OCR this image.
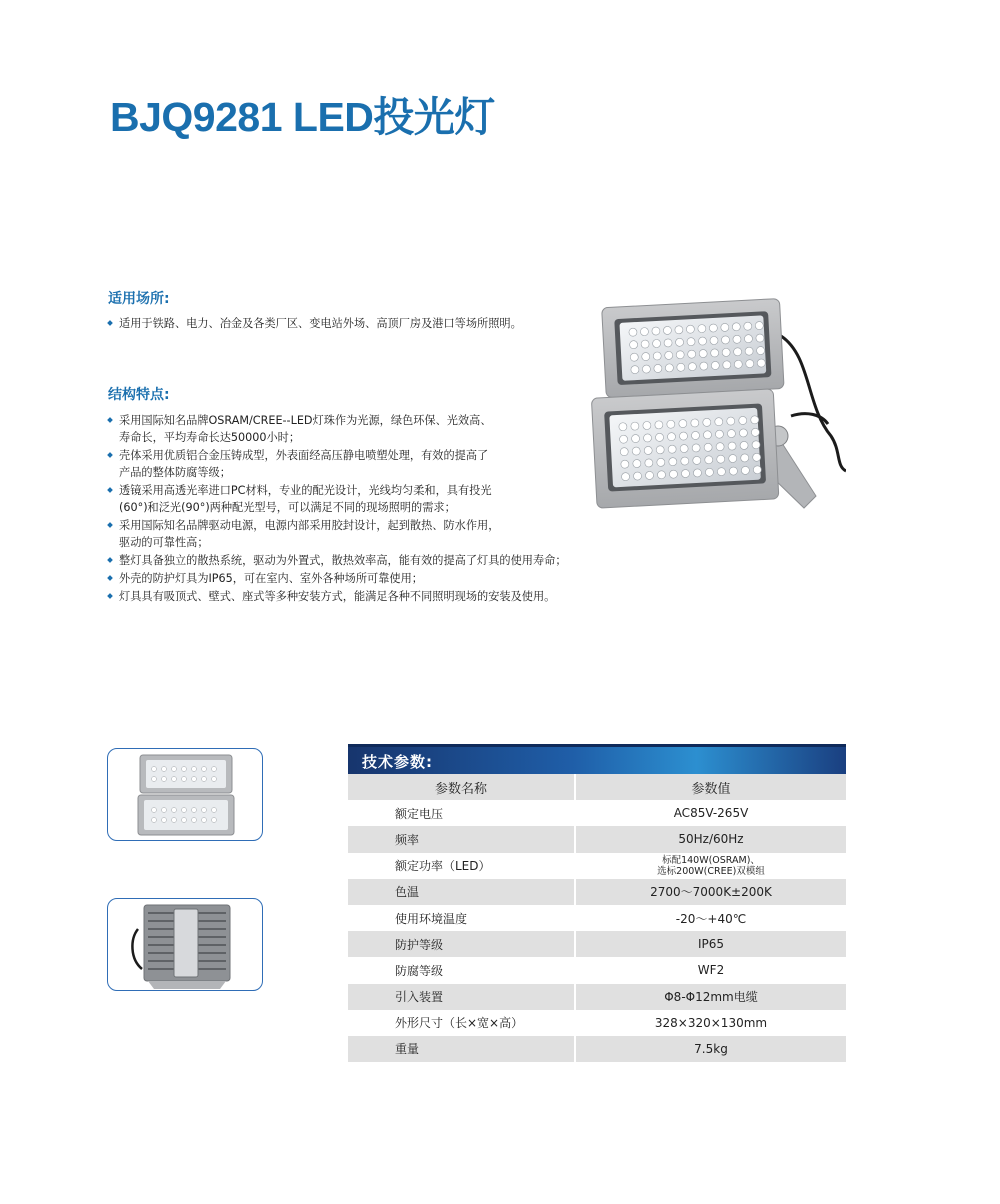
BJQ9281 LED投光灯
适用场所:
适用于铁路、电力、冶金及各类厂区、变电站外场、高顶厂房及港口等场所照明。
结构特点:
采用国际知名品牌OSRAM/CREE--LED灯珠作为光源，绿色环保、光效高、
寿命长，平均寿命长达50000小时；
壳体采用优质铝合金压铸成型，外表面经高压静电喷塑处理，有效的提高了
产品的整体防腐等级；
透镜采用高透光率进口PC材料，专业的配光设计，光线均匀柔和，具有投光
(60°)和泛光(90°)两种配光型号，可以满足不同的现场照明的需求；
采用国际知名品牌驱动电源，电源内部采用胶封设计，起到散热、防水作用，
驱动的可靠性高；
整灯具备独立的散热系统，驱动为外置式，散热效率高，能有效的提高了灯具的使用寿命；
外壳的防护灯具为IP65，可在室内、室外各种场所可靠使用；
灯具具有吸顶式、壁式、座式等多种安装方式，能满足各种不同照明现场的安装及使用。
技术参数:
参数名称	参数值
额定电压	AC85V-265V
频率	50Hz/60Hz
额定功率（LED）	标配140W(OSRAM)、
选标200W(CREE)双模组
色温	2700～7000K±200K
使用环境温度	-20～+40℃
防护等级	IP65
防腐等级	WF2
引入装置	Φ8-Φ12mm电缆
外形尺寸（长×宽×高）	328×320×130mm
重量	7.5kg
